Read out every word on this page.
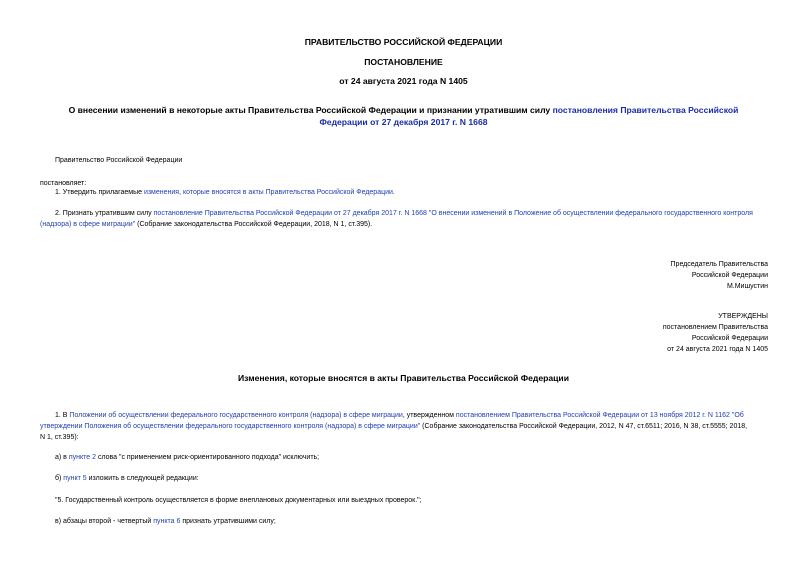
ПРАВИТЕЛЬСТВО РОССИЙСКОЙ ФЕДЕРАЦИИ
ПОСТАНОВЛЕНИЕ
от 24 августа 2021 года N 1405
О внесении изменений в некоторые акты Правительства Российской Федерации и признании утратившим силу постановления Правительства Российской
Федерации от 27 декабря 2017 г. N 1668
Правительство Российской Федерации
постановляет:
1. Утвердить прилагаемые изменения, которые вносятся в акты Правительства Российской Федерации.
2. Признать утратившим силу постановление Правительства Российской Федерации от 27 декабря 2017 г. N 1668 "О внесении изменений в Положение об осуществлении федерального государственного контроля
(надзора) в сфере миграции" (Собрание законодательства Российской Федерации, 2018, N 1, ст.395).
Председатель Правительства
Российской Федерации
М.Мишустин
УТВЕРЖДЕНЫ
постановлением Правительства
Российской Федерации
от 24 августа 2021 года N 1405
Изменения, которые вносятся в акты Правительства Российской Федерации
1. В Положении об осуществлении федерального государственного контроля (надзора) в сфере миграции, утвержденном постановлением Правительства Российской Федерации от 13 ноября 2012 г. N 1162 "Об
утверждении Положения об осуществлении федерального государственного контроля (надзора) в сфере миграции" (Собрание законодательства Российской Федерации, 2012, N 47, ст.6511; 2016, N 38, ст.5555; 2018,
N 1, ст.395):
а) в пункте 2 слова "с применением риск-ориентированного подхода" исключить;
б) пункт 5 изложить в следующей редакции:
"5. Государственный контроль осуществляется в форме внеплановых документарных или выездных проверок.";
в) абзацы второй - четвертый пункта 6 признать утратившими силу;
